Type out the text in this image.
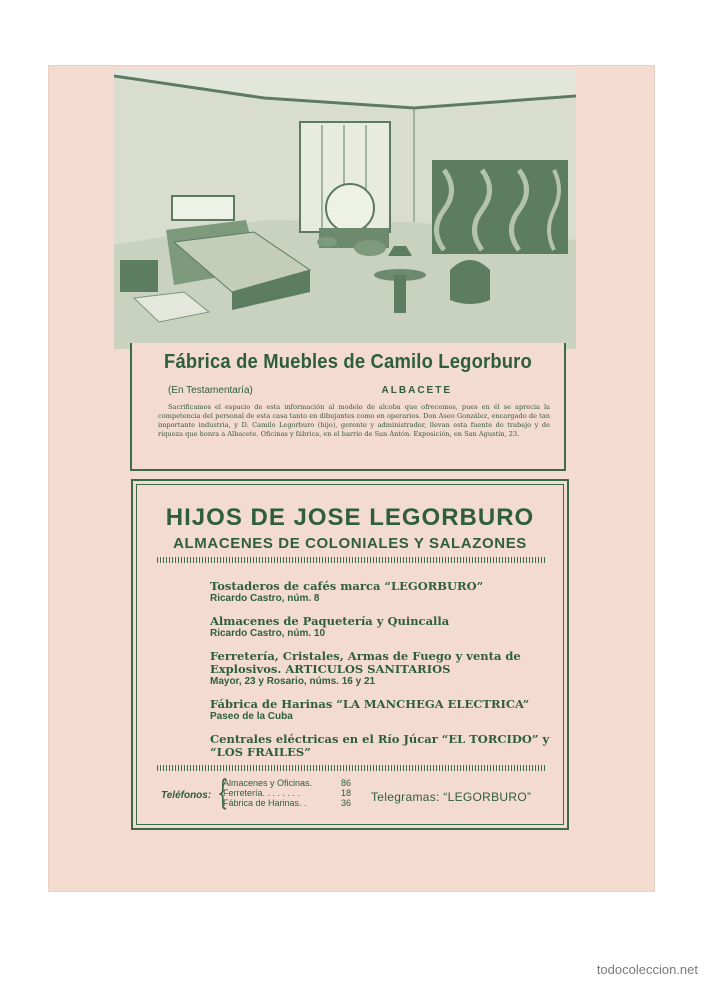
Fábrica de Muebles de Camilo Legorburo
(En Testamentaría)	ALBACETE
Sacrificamos el espacio de esta información al modelo de alcoba que ofrecemos, pues en él se aprecia la competencia del personal de esta casa tanto en dibujantes como en operarios. Don Aseo González, encargado de tan importante industria, y D. Camilo Legorburo (hijo), gerente y administrador, llevan esta fuente de trabajo y de riqueza que honra a Albacete. Oficinas y fábrica, en el barrio de San Antón. Exposición, en San Agustín, 23.
HIJOS DE JOSE LEGORBURO
ALMACENES DE COLONIALES Y SALAZONES
Tostaderos de cafés marca “LEGORBURO”
Ricardo Castro, núm. 8
Almacenes de Paquetería y Quincalla
Ricardo Castro, núm. 10
Ferretería, Cristales, Armas de Fuego y venta de Explosivos. ARTICULOS SANITARIOS
Mayor, 23 y Rosario, núms. 16 y 21
Fábrica de Harinas “LA MANCHEGA ELECTRICA”
Paseo de la Cuba
Centrales eléctricas en el Río Júcar “EL TORCIDO” y “LOS FRAILES”
Teléfonos: {
Almacenes y Oficinas.	86
Ferretería. . . . . . . .	18
Fábrica de Harinas. .	36 Telegramas: “LEGORBURO”
todocoleccion.net
